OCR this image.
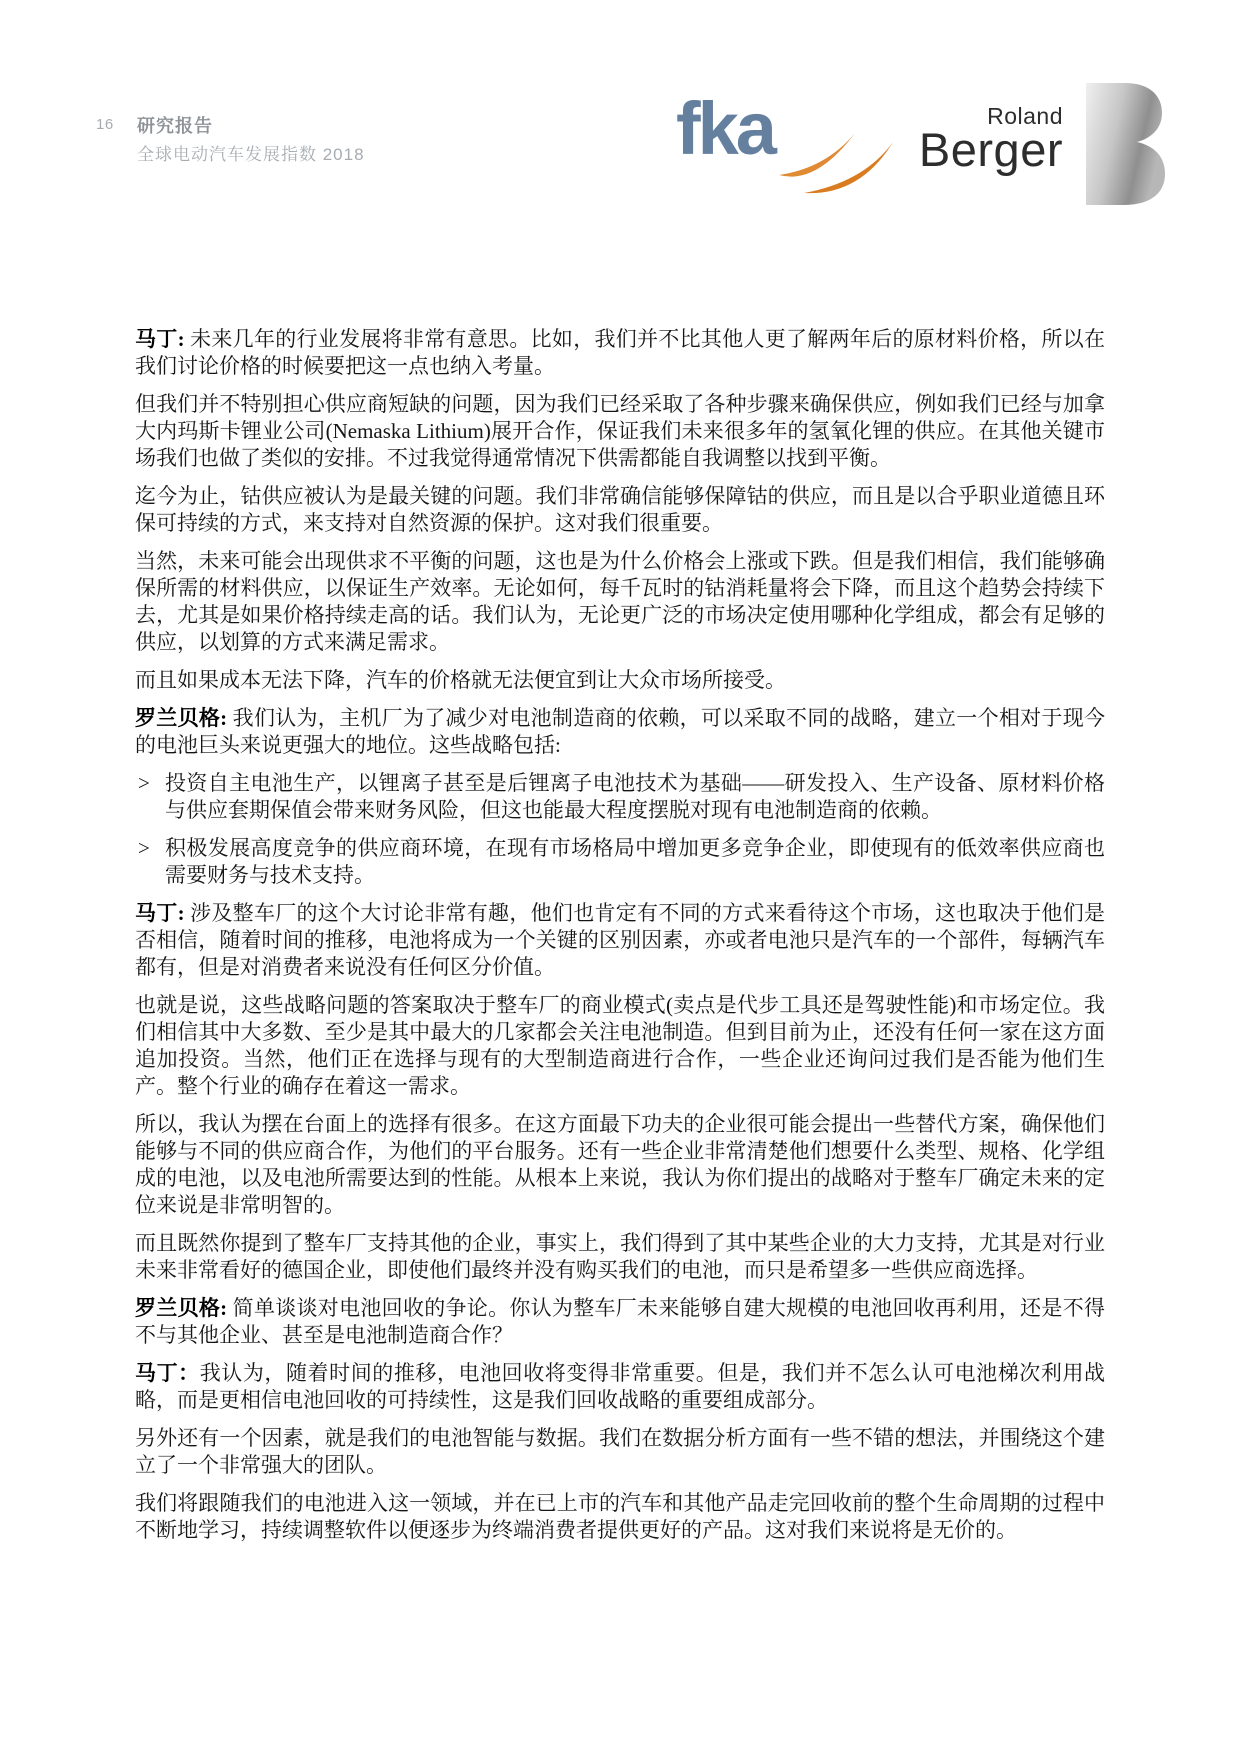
16 研究报告
全球电动汽车发展指数 2018	fka	Roland
Berger

马丁: 未来几年的行业发展将非常有意思。比如，我们并不比其他人更了解两年后的原材料价格，所以在我们讨论价格的时候要把这一点也纳入考量。

但我们并不特别担心供应商短缺的问题，因为我们已经采取了各种步骤来确保供应，例如我们已经与加拿大内玛斯卡锂业公司(Nemaska Lithium)展开合作，保证我们未来很多年的氢氧化锂的供应。在其他关键市场我们也做了类似的安排。不过我觉得通常情况下供需都能自我调整以找到平衡。

迄今为止，钴供应被认为是最关键的问题。我们非常确信能够保障钴的供应，而且是以合乎职业道德且环保可持续的方式，来支持对自然资源的保护。这对我们很重要。

当然，未来可能会出现供求不平衡的问题，这也是为什么价格会上涨或下跌。但是我们相信，我们能够确保所需的材料供应，以保证生产效率。无论如何，每千瓦时的钴消耗量将会下降，而且这个趋势会持续下去，尤其是如果价格持续走高的话。我们认为，无论更广泛的市场决定使用哪种化学组成，都会有足够的供应，以划算的方式来满足需求。

而且如果成本无法下降，汽车的价格就无法便宜到让大众市场所接受。

罗兰贝格: 我们认为，主机厂为了减少对电池制造商的依赖，可以采取不同的战略，建立一个相对于现今的电池巨头来说更强大的地位。这些战略包括:

> 投资自主电池生产，以锂离子甚至是后锂离子电池技术为基础——研发投入、生产设备、原材料价格与供应套期保值会带来财务风险，但这也能最大程度摆脱对现有电池制造商的依赖。
> 积极发展高度竞争的供应商环境，在现有市场格局中增加更多竞争企业，即使现有的低效率供应商也需要财务与技术支持。

马丁: 涉及整车厂的这个大讨论非常有趣，他们也肯定有不同的方式来看待这个市场，这也取决于他们是否相信，随着时间的推移，电池将成为一个关键的区别因素，亦或者电池只是汽车的一个部件，每辆汽车都有，但是对消费者来说没有任何区分价值。

也就是说，这些战略问题的答案取决于整车厂的商业模式(卖点是代步工具还是驾驶性能)和市场定位。我们相信其中大多数、至少是其中最大的几家都会关注电池制造。但到目前为止，还没有任何一家在这方面追加投资。当然，他们正在选择与现有的大型制造商进行合作，一些企业还询问过我们是否能为他们生产。整个行业的确存在着这一需求。

所以，我认为摆在台面上的选择有很多。在这方面最下功夫的企业很可能会提出一些替代方案，确保他们能够与不同的供应商合作，为他们的平台服务。还有一些企业非常清楚他们想要什么类型、规格、化学组成的电池，以及电池所需要达到的性能。从根本上来说，我认为你们提出的战略对于整车厂确定未来的定位来说是非常明智的。

而且既然你提到了整车厂支持其他的企业，事实上，我们得到了其中某些企业的大力支持，尤其是对行业未来非常看好的德国企业，即使他们最终并没有购买我们的电池，而只是希望多一些供应商选择。

罗兰贝格: 简单谈谈对电池回收的争论。你认为整车厂未来能够自建大规模的电池回收再利用，还是不得不与其他企业、甚至是电池制造商合作？

马丁：我认为，随着时间的推移，电池回收将变得非常重要。但是，我们并不怎么认可电池梯次利用战略，而是更相信电池回收的可持续性，这是我们回收战略的重要组成部分。

另外还有一个因素，就是我们的电池智能与数据。我们在数据分析方面有一些不错的想法，并围绕这个建立了一个非常强大的团队。

我们将跟随我们的电池进入这一领域，并在已上市的汽车和其他产品走完回收前的整个生命周期的过程中不断地学习，持续调整软件以便逐步为终端消费者提供更好的产品。这对我们来说将是无价的。
